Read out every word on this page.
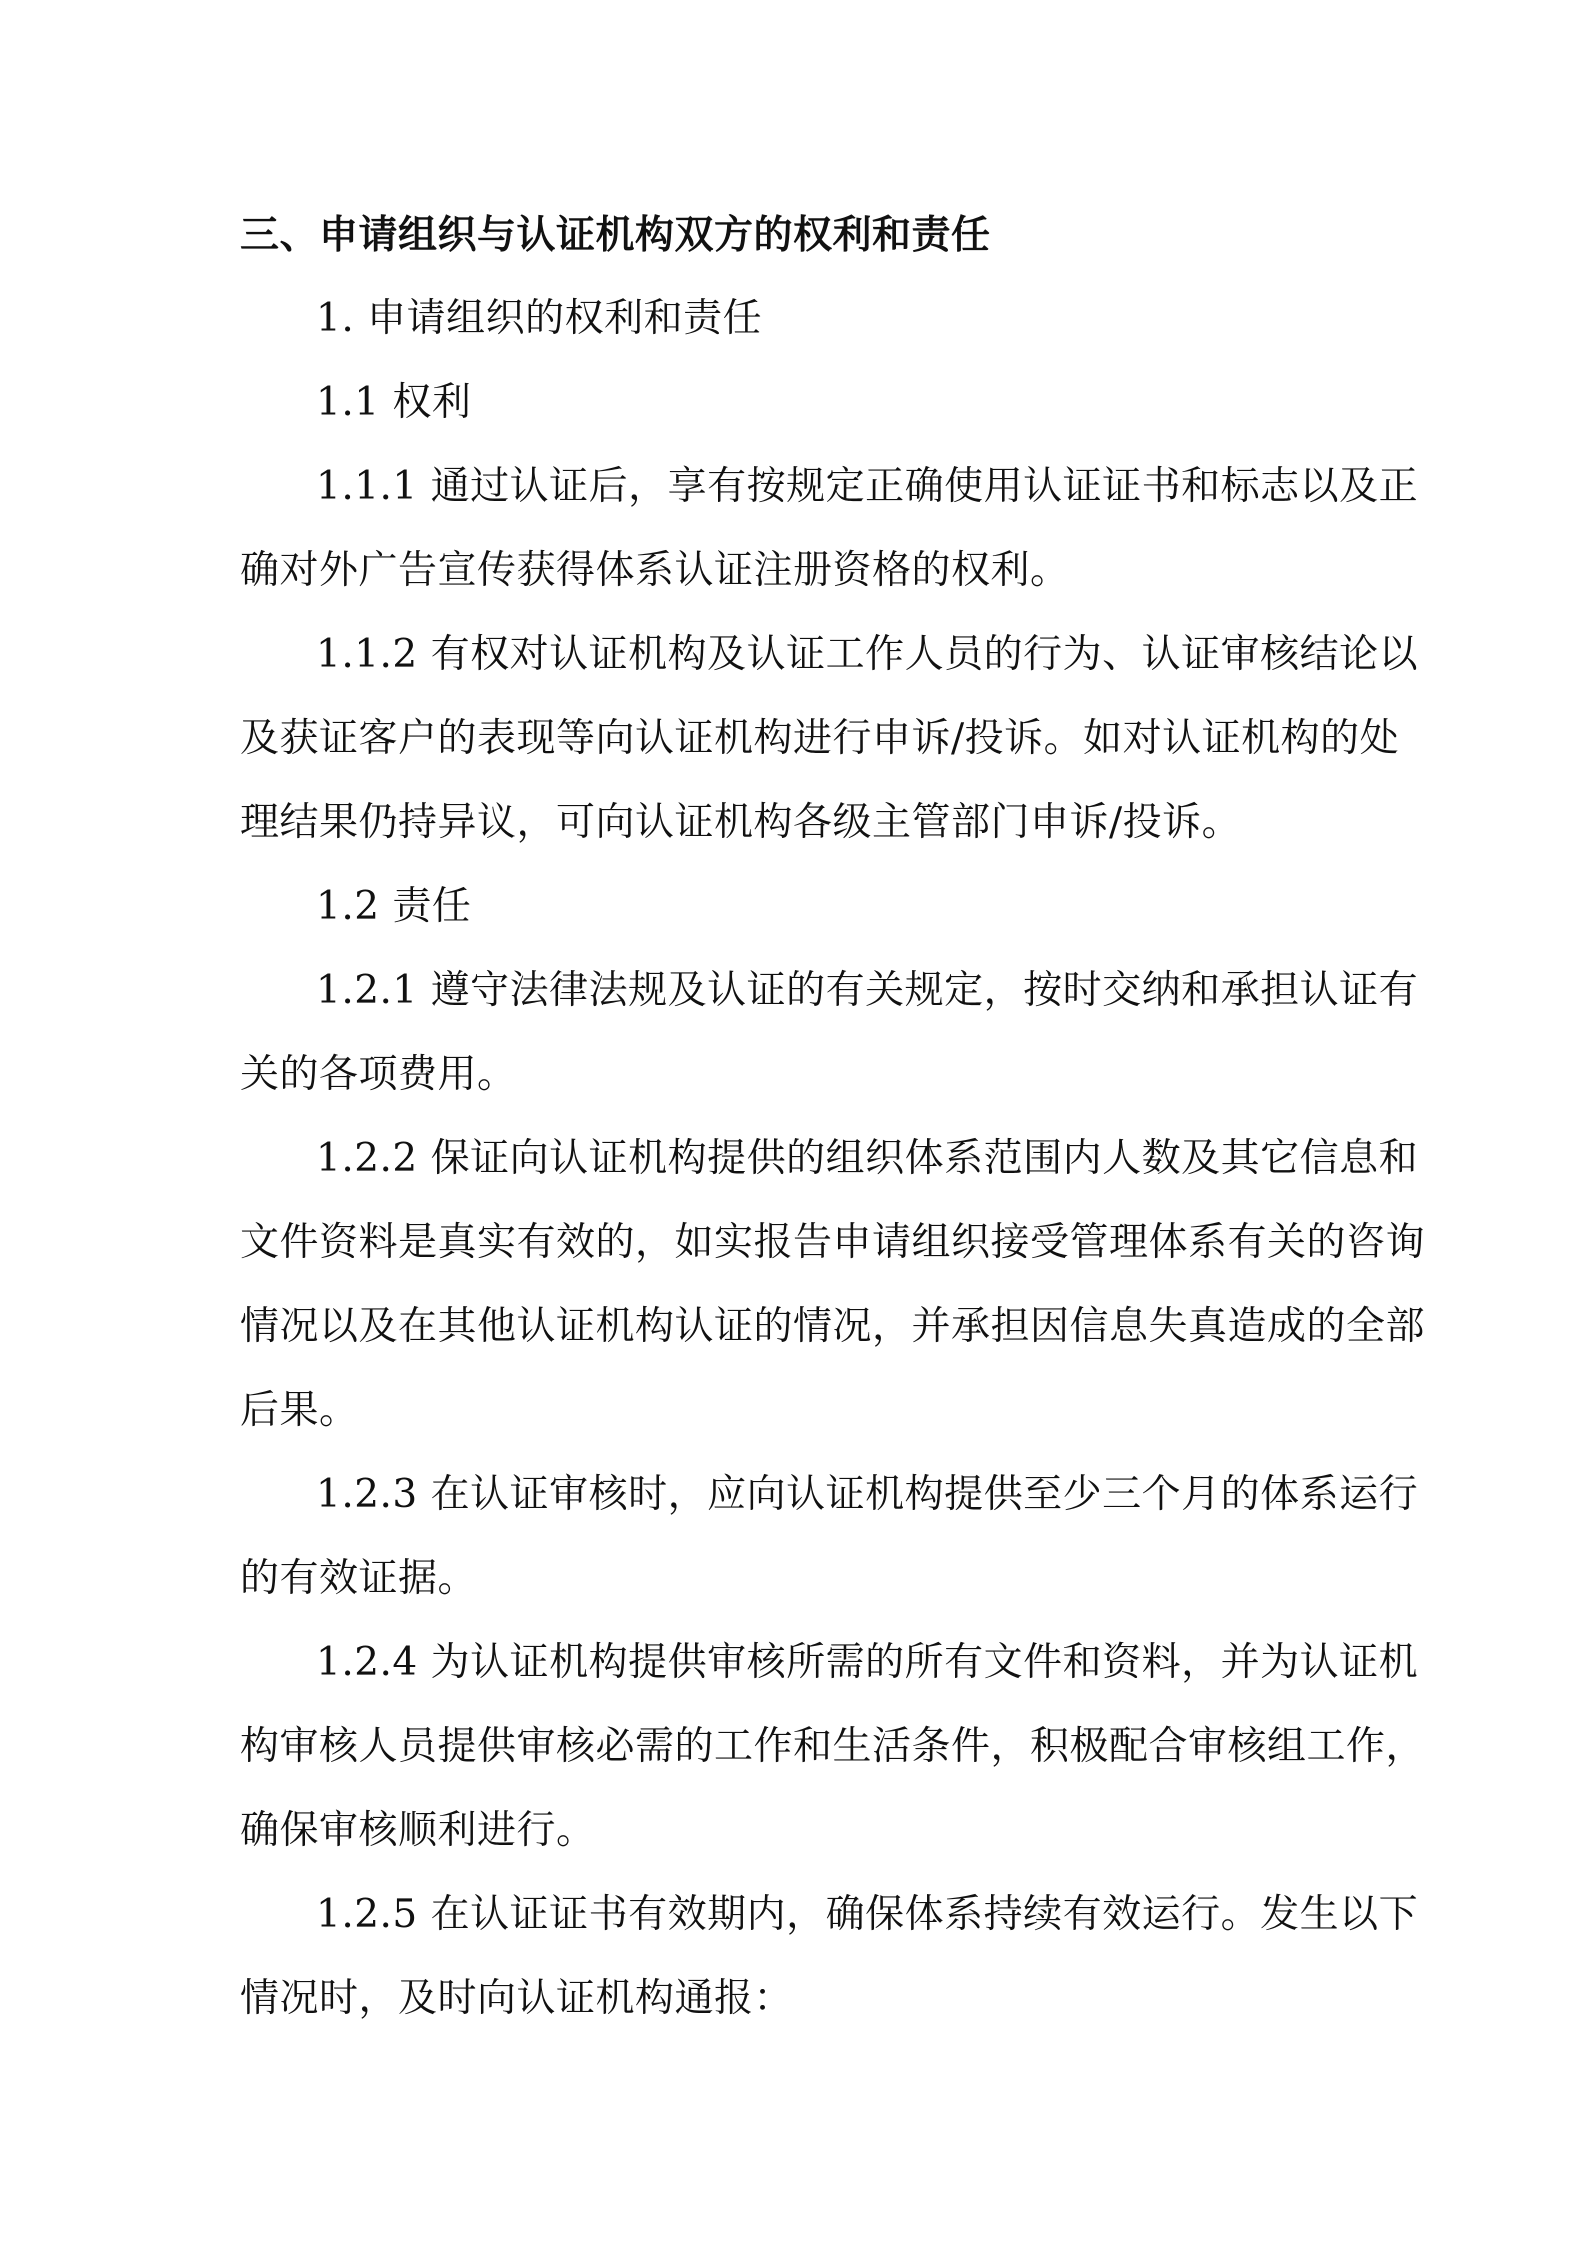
三、申请组织与认证机构双方的权利和责任
1. 申请组织的权利和责任
1.1 权利
1.1.1 通过认证后，享有按规定正确使用认证证书和标志以及正
确对外广告宣传获得体系认证注册资格的权利。
1.1.2 有权对认证机构及认证工作人员的行为、认证审核结论以
及获证客户的表现等向认证机构进行申诉/投诉。如对认证机构的处
理结果仍持异议，可向认证机构各级主管部门申诉/投诉。
1.2 责任
1.2.1 遵守法律法规及认证的有关规定，按时交纳和承担认证有
关的各项费用。
1.2.2 保证向认证机构提供的组织体系范围内人数及其它信息和
文件资料是真实有效的，如实报告申请组织接受管理体系有关的咨询
情况以及在其他认证机构认证的情况，并承担因信息失真造成的全部
后果。
1.2.3 在认证审核时，应向认证机构提供至少三个月的体系运行
的有效证据。
1.2.4 为认证机构提供审核所需的所有文件和资料，并为认证机
构审核人员提供审核必需的工作和生活条件，积极配合审核组工作，
确保审核顺利进行。
1.2.5 在认证证书有效期内，确保体系持续有效运行。发生以下
情况时，及时向认证机构通报：
